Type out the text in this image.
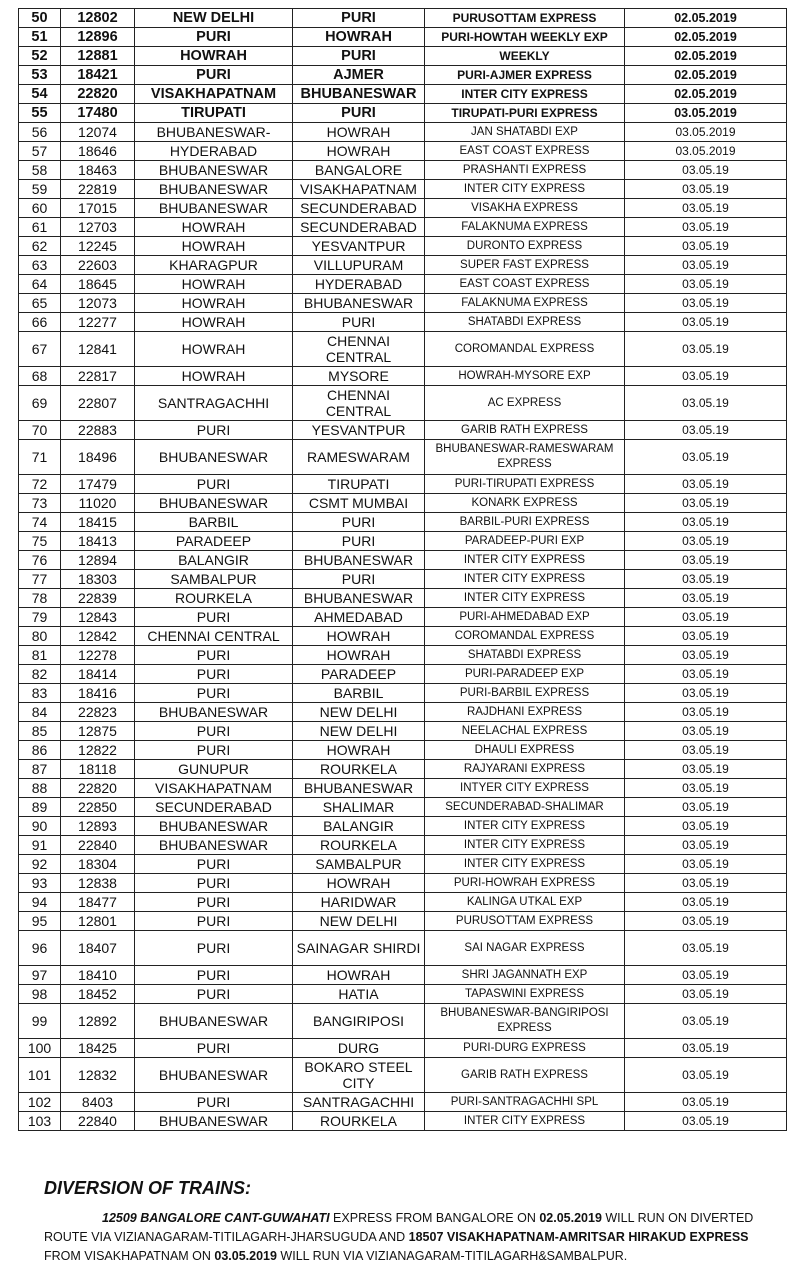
50	12802	NEW DELHI	PURI	PURUSOTTAM EXPRESS	02.05.2019
51	12896	PURI	HOWRAH	PURI-HOWTAH WEEKLY EXP	02.05.2019
52	12881	HOWRAH	PURI	WEEKLY	02.05.2019
53	18421	PURI	AJMER	PURI-AJMER EXPRESS	02.05.2019
54	22820	VISAKHAPATNAM	BHUBANESWAR	INTER CITY EXPRESS	02.05.2019
55	17480	TIRUPATI	PURI	TIRUPATI-PURI EXPRESS	03.05.2019
56	12074	BHUBANESWAR-	HOWRAH	JAN SHATABDI EXP	03.05.2019
57	18646	HYDERABAD	HOWRAH	EAST COAST EXPRESS	03.05.2019
58	18463	BHUBANESWAR	BANGALORE	PRASHANTI EXPRESS	03.05.19
59	22819	BHUBANESWAR	VISAKHAPATNAM	INTER CITY EXPRESS	03.05.19
60	17015	BHUBANESWAR	SECUNDERABAD	VISAKHA EXPRESS	03.05.19
61	12703	HOWRAH	SECUNDERABAD	FALAKNUMA EXPRESS	03.05.19
62	12245	HOWRAH	YESVANTPUR	DURONTO EXPRESS	03.05.19
63	22603	KHARAGPUR	VILLUPURAM	SUPER FAST EXPRESS	03.05.19
64	18645	HOWRAH	HYDERABAD	EAST COAST EXPRESS	03.05.19
65	12073	HOWRAH	BHUBANESWAR	FALAKNUMA EXPRESS	03.05.19
66	12277	HOWRAH	PURI	SHATABDI EXPRESS	03.05.19
67	12841	HOWRAH	CHENNAI CENTRAL	COROMANDAL EXPRESS	03.05.19
68	22817	HOWRAH	MYSORE	HOWRAH-MYSORE EXP	03.05.19
69	22807	SANTRAGACHHI	CHENNAI CENTRAL	AC EXPRESS	03.05.19
70	22883	PURI	YESVANTPUR	GARIB RATH EXPRESS	03.05.19
71	18496	BHUBANESWAR	RAMESWARAM	BHUBANESWAR-RAMESWARAM EXPRESS	03.05.19
72	17479	PURI	TIRUPATI	PURI-TIRUPATI EXPRESS	03.05.19
73	11020	BHUBANESWAR	CSMT MUMBAI	KONARK EXPRESS	03.05.19
74	18415	BARBIL	PURI	BARBIL-PURI EXPRESS	03.05.19
75	18413	PARADEEP	PURI	PARADEEP-PURI EXP	03.05.19
76	12894	BALANGIR	BHUBANESWAR	INTER CITY EXPRESS	03.05.19
77	18303	SAMBALPUR	PURI	INTER CITY EXPRESS	03.05.19
78	22839	ROURKELA	BHUBANESWAR	INTER CITY EXPRESS	03.05.19
79	12843	PURI	AHMEDABAD	PURI-AHMEDABAD EXP	03.05.19
80	12842	CHENNAI CENTRAL	HOWRAH	COROMANDAL EXPRESS	03.05.19
81	12278	PURI	HOWRAH	SHATABDI EXPRESS	03.05.19
82	18414	PURI	PARADEEP	PURI-PARADEEP EXP	03.05.19
83	18416	PURI	BARBIL	PURI-BARBIL EXPRESS	03.05.19
84	22823	BHUBANESWAR	NEW DELHI	RAJDHANI EXPRESS	03.05.19
85	12875	PURI	NEW DELHI	NEELACHAL EXPRESS	03.05.19
86	12822	PURI	HOWRAH	DHAULI EXPRESS	03.05.19
87	18118	GUNUPUR	ROURKELA	RAJYARANI EXPRESS	03.05.19
88	22820	VISAKHAPATNAM	BHUBANESWAR	INTYER CITY EXPRESS	03.05.19
89	22850	SECUNDERABAD	SHALIMAR	SECUNDERABAD-SHALIMAR	03.05.19
90	12893	BHUBANESWAR	BALANGIR	INTER CITY EXPRESS	03.05.19
91	22840	BHUBANESWAR	ROURKELA	INTER CITY EXPRESS	03.05.19
92	18304	PURI	SAMBALPUR	INTER CITY EXPRESS	03.05.19
93	12838	PURI	HOWRAH	PURI-HOWRAH EXPRESS	03.05.19
94	18477	PURI	HARIDWAR	KALINGA UTKAL EXP	03.05.19
95	12801	PURI	NEW DELHI	PURUSOTTAM EXPRESS	03.05.19
96	18407	PURI	SAINAGAR SHIRDI	SAI NAGAR EXPRESS	03.05.19
97	18410	PURI	HOWRAH	SHRI JAGANNATH EXP	03.05.19
98	18452	PURI	HATIA	TAPASWINI EXPRESS	03.05.19
99	12892	BHUBANESWAR	BANGIRIPOSI	BHUBANESWAR-BANGIRIPOSI EXPRESS	03.05.19
100	18425	PURI	DURG	PURI-DURG EXPRESS	03.05.19
101	12832	BHUBANESWAR	BOKARO STEEL CITY	GARIB RATH EXPRESS	03.05.19
102	8403	PURI	SANTRAGACHHI	PURI-SANTRAGACHHI SPL	03.05.19
103	22840	BHUBANESWAR	ROURKELA	INTER CITY EXPRESS	03.05.19
DIVERSION OF TRAINS:
12509 BANGALORE CANT-GUWAHATI EXPRESS FROM BANGALORE ON 02.05.2019 WILL RUN ON DIVERTED ROUTE VIA VIZIANAGARAM-TITILAGARH-JHARSUGUDA AND 18507 VISAKHAPATNAM-AMRITSAR HIRAKUD EXPRESS FROM VISAKHAPATNAM ON 03.05.2019 WILL RUN VIA VIZIANAGARAM-TITILAGARH&SAMBALPUR.
